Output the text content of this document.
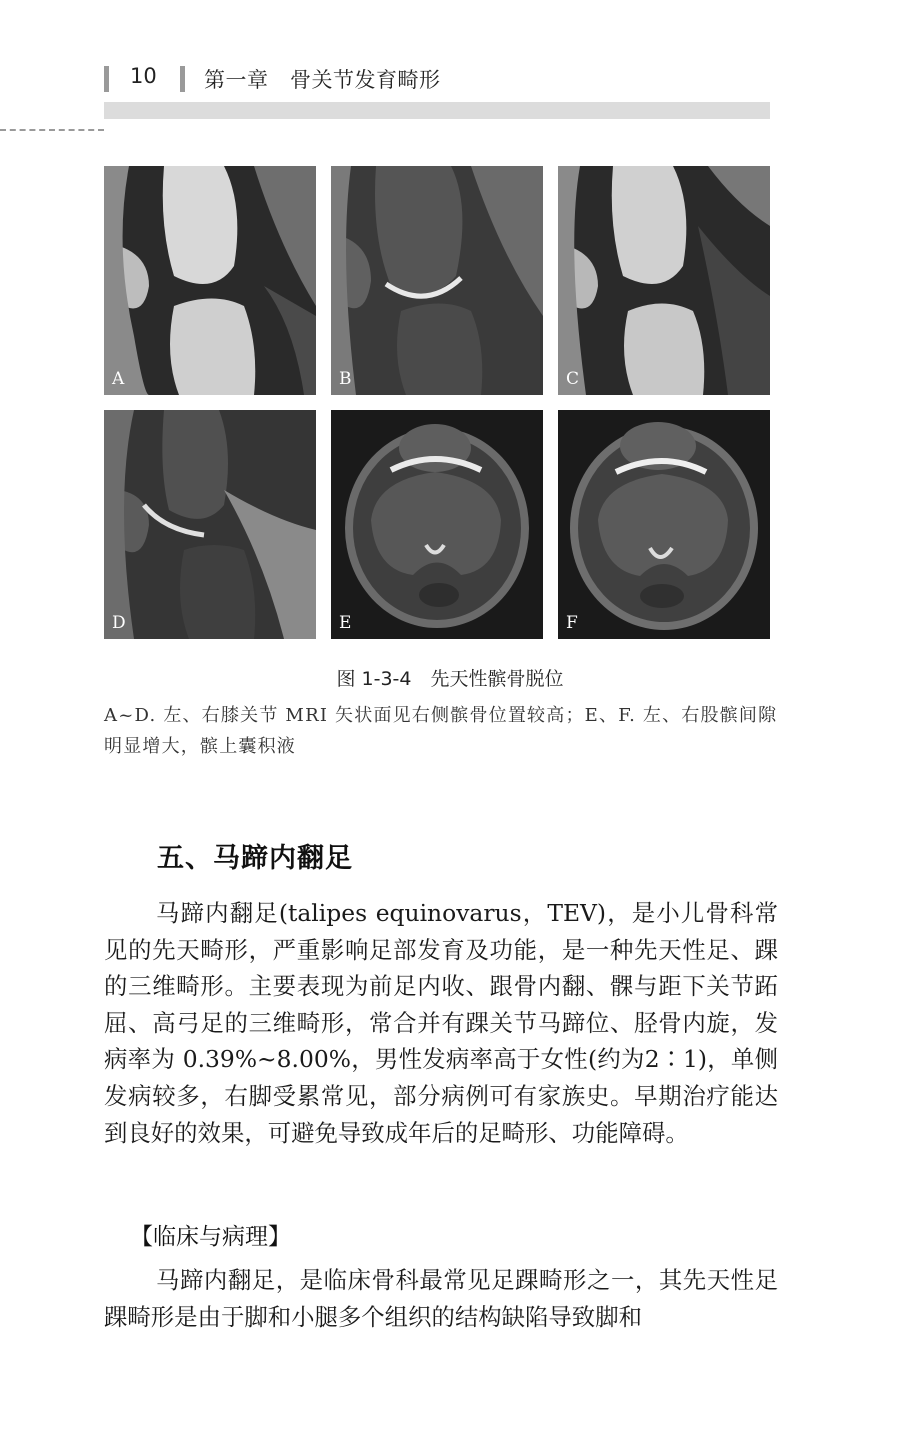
10 第一章　骨关节发育畸形
A	B	C
D	E	F
图 1-3-4　先天性髌骨脱位
A~D. 左、右膝关节 MRI 矢状面见右侧髌骨位置较高；E、F. 左、右股髌间隙明显增大，髌上囊积液
五、马蹄内翻足
马蹄内翻足(talipes equinovarus，TEV)，是小儿骨科常见的先天畸形，严重影响足部发育及功能，是一种先天性足、踝的三维畸形。主要表现为前足内收、跟骨内翻、髁与距下关节跖屈、高弓足的三维畸形，常合并有踝关节马蹄位、胫骨内旋，发病率为 0.39%~8.00%，男性发病率高于女性(约为2∶1)，单侧发病较多，右脚受累常见，部分病例可有家族史。早期治疗能达到良好的效果，可避免导致成年后的足畸形、功能障碍。
【临床与病理】
马蹄内翻足，是临床骨科最常见足踝畸形之一，其先天性足踝畸形是由于脚和小腿多个组织的结构缺陷导致脚和
